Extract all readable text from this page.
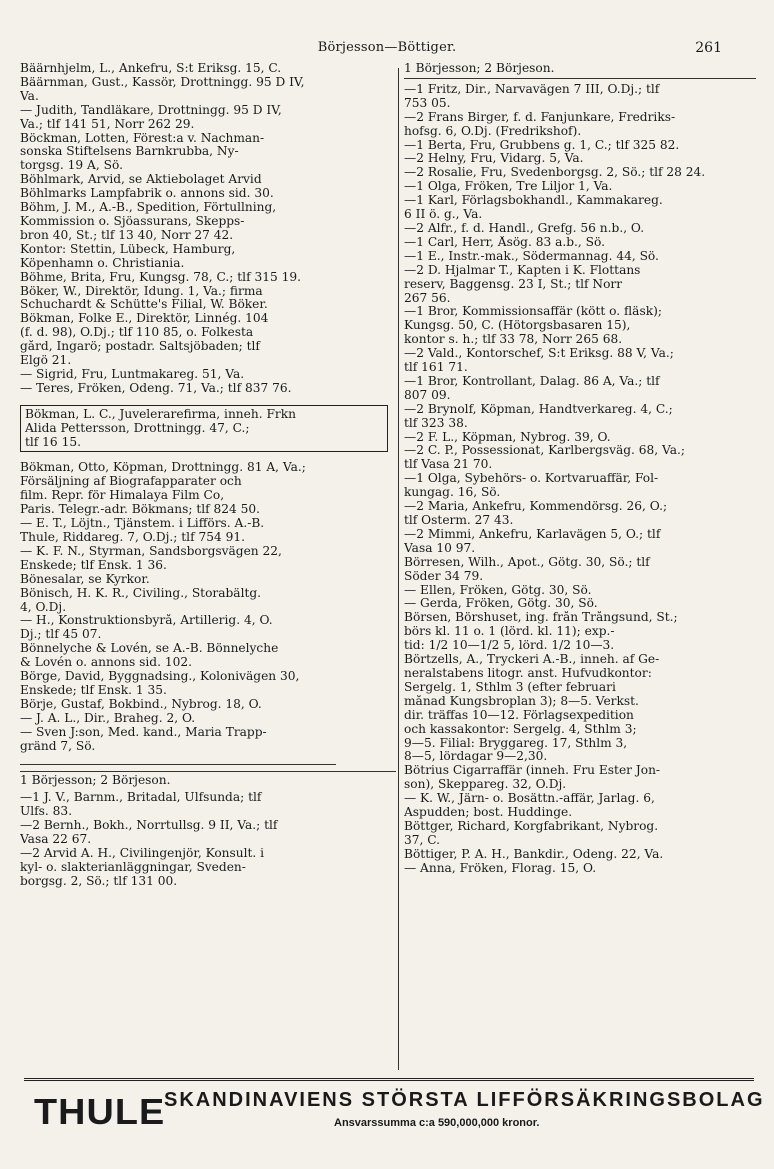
Börjesson—Böttiger.	261
Bäärnhjelm, L., Änkefru, S:t Eriksg. 15, C.
Bäärnman, Gust., Kassör, Drottningg. 95 D IV,
Va.
— Judith, Tandläkare, Drottningg. 95 D IV,
Va.; tlf 141 51, Norr 262 29.
Böckman, Lotten, Förest:a v. Nachman-
sonska Stiftelsens Barnkrubba, Ny-
torgsg. 19 A, Sö.
Böhlmark, Arvid, se Aktiebolaget Arvid
Böhlmarks Lampfabrik o. annons sid. 30.
Böhm, J. M., A.-B., Spedition, Förtullning,
Kommission o. Sjöassurans, Skepps-
bron 40, St.; tlf 13 40, Norr 27 42.
Kontor: Stettin, Lübeck, Hamburg,
Köpenhamn o. Christiania.
Böhme, Brita, Fru, Kungsg. 78, C.; tlf 315 19.
Böker, W., Direktör, Idung. 1, Va.; firma
Schuchardt & Schütte's Filial, W. Böker.
Bökman, Folke E., Direktör, Linnég. 104
(f. d. 98), Ö.Dj.; tlf 110 85, o. Folkesta
gård, Ingarö; postadr. Saltsjöbaden; tlf
Elgö 21.
— Sigrid, Fru, Luntmakareg. 51, Va.
— Teres, Fröken, Odeng. 71, Va.; tlf 837 76.
Bökman, L. C., Juvelerarefirma, inneh. Frkn
Alida Pettersson, Drottningg. 47, C.;
tlf 16 15.
Bökman, Otto, Köpman, Drottningg. 81 A, Va.;
Försäljning af Biografapparater och
film. Repr. för Himalaya Film Co,
Paris. Telegr.-adr. Bökmans; tlf 824 50.
— E. T., Löjtn., Tjänstem. i Lifförs. A.-B.
Thule, Riddareg. 7, Ö.Dj.; tlf 754 91.
— K. F. N., Styrman, Sandsborgsvägen 22,
Enskede; tlf Ensk. 1 36.
Bönesalar, se Kyrkor.
Bönisch, H. K. R., Civiling., Storabältg.
4, Ö.Dj.
— H., Konstruktionsbyrå, Artillerig. 4, Ö.
Dj.; tlf 45 07.
Bönnelyche & Lovén, se A.-B. Bönnelyche
& Lovén o. annons sid. 102.
Börge, David, Byggnadsing., Kolonivägen 30,
Enskede; tlf Ensk. 1 35.
Börje, Gustaf, Bokbind., Nybrog. 18, Ö.
— J. A. L., Dir., Braheg. 2, Ö.
— Sven J:son, Med. kand., Maria Trapp-
gränd 7, Sö.
1 Börjesson; 2 Börjeson.
—1 J. V., Barnm., Britadal, Ulfsunda; tlf
Ulfs. 83.
—2 Bernh., Bokh., Norrtullsg. 9 II, Va.; tlf
Vasa 22 67.
—2 Arvid A. H., Civilingenjör, Konsult. i
kyl- o. slakterianläggningar, Sveden-
borgsg. 2, Sö.; tlf 131 00.
1 Börjesson; 2 Börjeson.
—1 Fritz, Dir., Narvavägen 7 III, Ö.Dj.; tlf
753 05.
—2 Frans Birger, f. d. Fanjunkare, Fredriks-
hofsg. 6, Ö.Dj. (Fredrikshof).
—1 Berta, Fru, Grubbens g. 1, C.; tlf 325 82.
—2 Helny, Fru, Vidarg. 5, Va.
—2 Rosalie, Fru, Svedenborgsg. 2, Sö.; tlf 28 24.
—1 Olga, Fröken, Tre Liljor 1, Va.
—1 Karl, Förlagsbokhandl., Kammakareg.
6 II ö. g., Va.
—2 Alfr., f. d. Handl., Grefg. 56 n.b., Ö.
—1 Carl, Herr, Åsög. 83 a.b., Sö.
—1 E., Instr.-mak., Södermannag. 44, Sö.
—2 D. Hjalmar T., Kapten i K. Flottans
reserv, Baggensg. 23 I, St.; tlf Norr
267 56.
—1 Bror, Kommissionsaffär (kött o. fläsk);
Kungsg. 50, C. (Hötorgsbasaren 15),
kontor s. h.; tlf 33 78, Norr 265 68.
—2 Vald., Kontorschef, S:t Eriksg. 88 V, Va.;
tlf 161 71.
—1 Bror, Kontrollant, Dalag. 86 A, Va.; tlf
807 09.
—2 Brynolf, Köpman, Handtverkareg. 4, C.;
tlf 323 38.
—2 F. L., Köpman, Nybrog. 39, Ö.
—2 C. P., Possessionat, Karlbergsväg. 68, Va.;
tlf Vasa 21 70.
—1 Olga, Sybehörs- o. Kortvaruaffär, Fol-
kungag. 16, Sö.
—2 Maria, Änkefru, Kommendörsg. 26, Ö.;
tlf Österm. 27 43.
—2 Mimmi, Änkefru, Karlavägen 5, Ö.; tlf
Vasa 10 97.
Börresen, Wilh., Apot., Götg. 30, Sö.; tlf
Söder 34 79.
— Ellen, Fröken, Götg. 30, Sö.
— Gerda, Fröken, Götg. 30, Sö.
Börsen, Börshuset, ing. från Trångsund, St.;
börs kl. 11 o. 1 (lörd. kl. 11); exp.-
tid: 1/2 10—1/2 5, lörd. 1/2 10—3.
Börtzells, A., Tryckeri A.-B., inneh. af Ge-
neralstabens litogr. anst. Hufvudkontor:
Sergelg. 1, Sthlm 3 (efter februari
månad Kungsbroplan 3); 8—5. Verkst.
dir. träffas 10—12. Förlagsexpedition
och kassakontor: Sergelg. 4, Sthlm 3;
9—5. Filial: Bryggareg. 17, Sthlm 3,
8—5, lördagar 9—2,30.
Bötrius Cigarraffär (inneh. Fru Ester Jon-
son), Skeppareg. 32, Ö.Dj.
— K. W., Järn- o. Bosättn.-affär, Jarlag. 6,
Aspudden; bost. Huddinge.
Böttger, Richard, Korgfabrikant, Nybrog.
37, C.
Böttiger, P. A. H., Bankdir., Odeng. 22, Va.
— Anna, Fröken, Florag. 15, Ö.
THULE
SKANDINAVIENS STÖRSTA LIFFÖRSÄKRINGSBOLAG
Ansvarssumma c:a 590,000,000 kronor.
